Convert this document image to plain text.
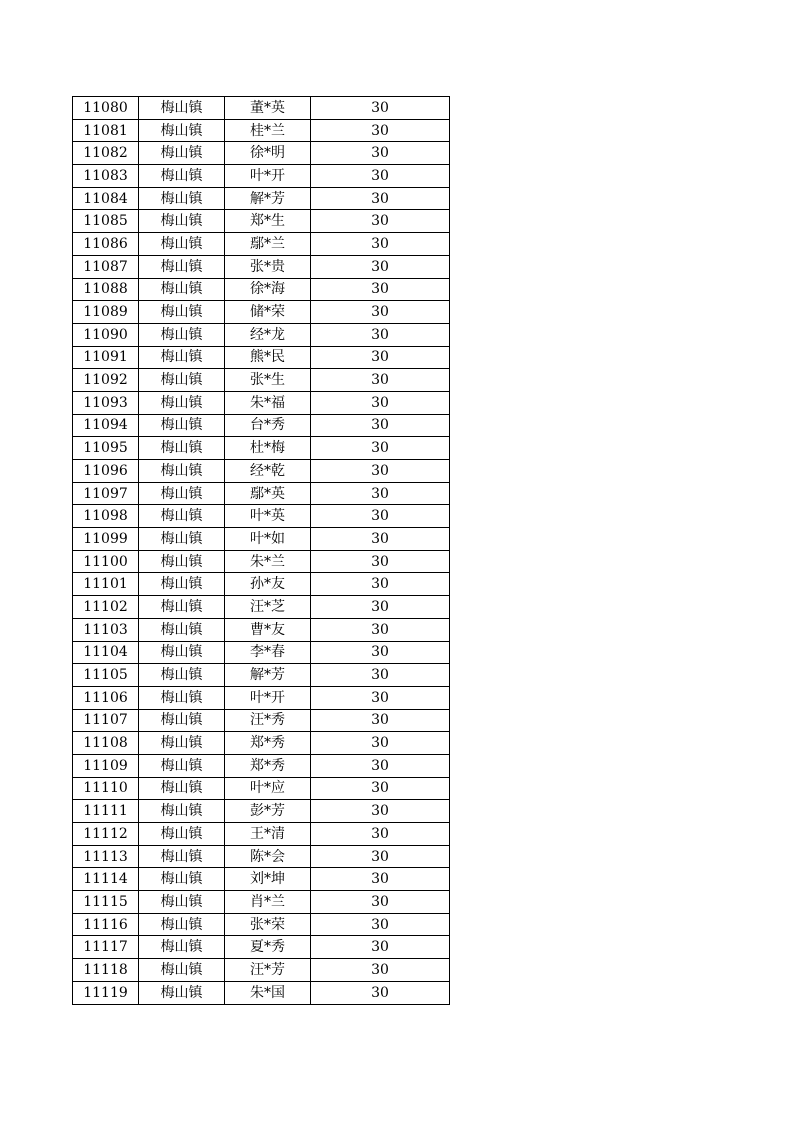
11080	梅山镇	董*英	30
11081	梅山镇	桂*兰	30
11082	梅山镇	徐*明	30
11083	梅山镇	叶*开	30
11084	梅山镇	解*芳	30
11085	梅山镇	郑*生	30
11086	梅山镇	鄢*兰	30
11087	梅山镇	张*贵	30
11088	梅山镇	徐*海	30
11089	梅山镇	储*荣	30
11090	梅山镇	经*龙	30
11091	梅山镇	熊*民	30
11092	梅山镇	张*生	30
11093	梅山镇	朱*福	30
11094	梅山镇	台*秀	30
11095	梅山镇	杜*梅	30
11096	梅山镇	经*乾	30
11097	梅山镇	鄢*英	30
11098	梅山镇	叶*英	30
11099	梅山镇	叶*如	30
11100	梅山镇	朱*兰	30
11101	梅山镇	孙*友	30
11102	梅山镇	汪*芝	30
11103	梅山镇	曹*友	30
11104	梅山镇	李*春	30
11105	梅山镇	解*芳	30
11106	梅山镇	叶*开	30
11107	梅山镇	汪*秀	30
11108	梅山镇	郑*秀	30
11109	梅山镇	郑*秀	30
11110	梅山镇	叶*应	30
11111	梅山镇	彭*芳	30
11112	梅山镇	王*清	30
11113	梅山镇	陈*会	30
11114	梅山镇	刘*坤	30
11115	梅山镇	肖*兰	30
11116	梅山镇	张*荣	30
11117	梅山镇	夏*秀	30
11118	梅山镇	汪*芳	30
11119	梅山镇	朱*国	30
